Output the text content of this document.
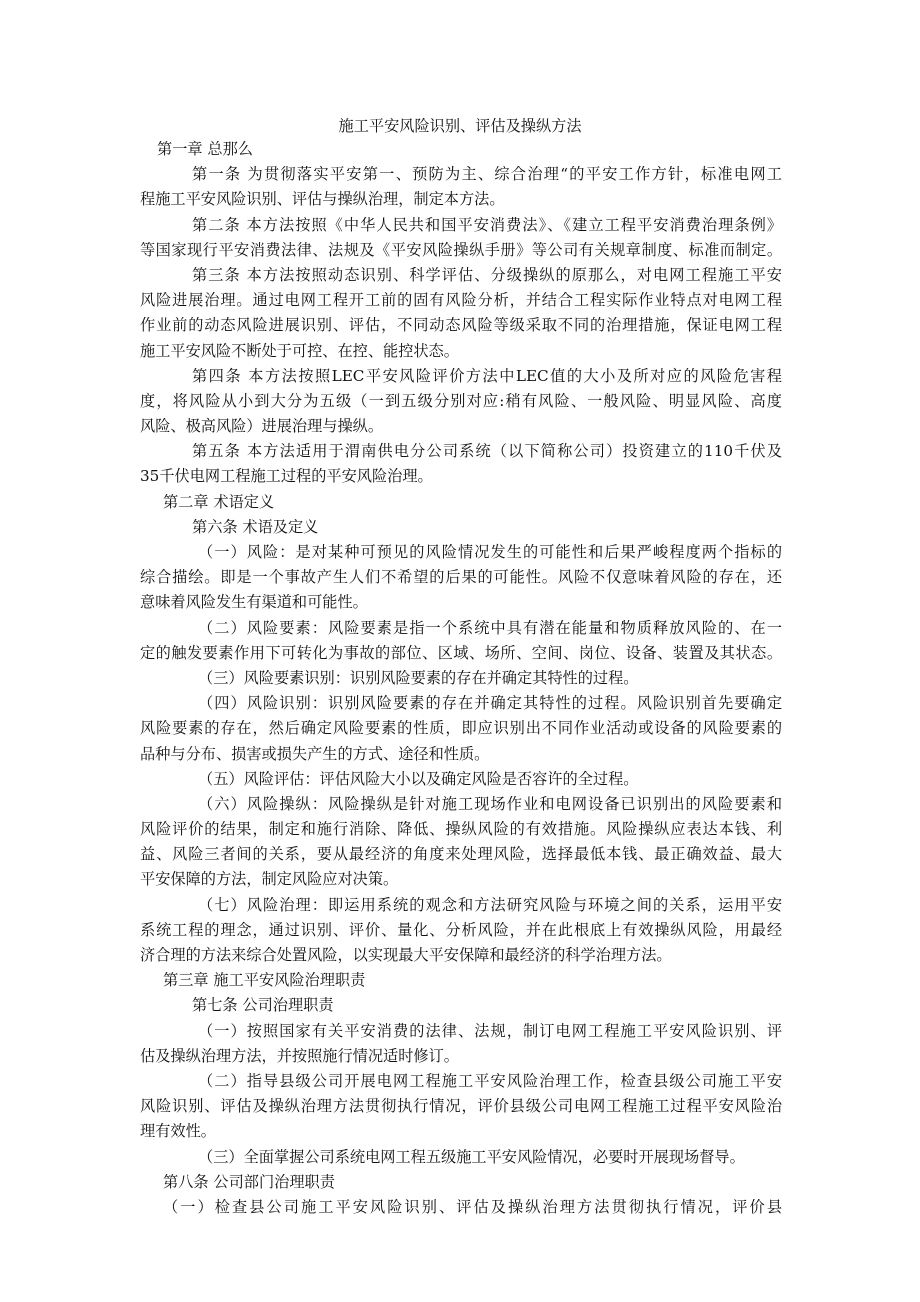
施工平安风险识别、评估及操纵方法
第一章 总那么
第一条 为贯彻落实平安第一、预防为主、综合治理“的平安工作方针，标准电网工
程施工平安风险识别、评估与操纵治理，制定本方法。
第二条 本方法按照《中华人民共和国平安消费法》、《建立工程平安消费治理条例》
等国家现行平安消费法律、法规及《平安风险操纵手册》等公司有关规章制度、标准而制定。
第三条 本方法按照动态识别、科学评估、分级操纵的原那么，对电网工程施工平安
风险进展治理。通过电网工程开工前的固有风险分析，并结合工程实际作业特点对电网工程
作业前的动态风险进展识别、评估，不同动态风险等级采取不同的治理措施，保证电网工程
施工平安风险不断处于可控、在控、能控状态。
第四条 本方法按照LEC平安风险评价方法中LEC值的大小及所对应的风险危害程
度，将风险从小到大分为五级（一到五级分别对应:稍有风险、一般风险、明显风险、高度
风险、极高风险）进展治理与操纵。
第五条 本方法适用于渭南供电分公司系统（以下简称公司）投资建立的110千伏及
35千伏电网工程施工过程的平安风险治理。
第二章 术语定义
第六条 术语及定义
（一）风险：是对某种可预见的风险情况发生的可能性和后果严峻程度两个指标的
综合描绘。即是一个事故产生人们不希望的后果的可能性。风险不仅意味着风险的存在，还
意味着风险发生有渠道和可能性。
（二）风险要素：风险要素是指一个系统中具有潜在能量和物质释放风险的、在一
定的触发要素作用下可转化为事故的部位、区域、场所、空间、岗位、设备、装置及其状态。
（三）风险要素识别：识别风险要素的存在并确定其特性的过程。
（四）风险识别：识别风险要素的存在并确定其特性的过程。风险识别首先要确定
风险要素的存在，然后确定风险要素的性质，即应识别出不同作业活动或设备的风险要素的
品种与分布、损害或损失产生的方式、途径和性质。
（五）风险评估：评估风险大小以及确定风险是否容许的全过程。
（六）风险操纵：风险操纵是针对施工现场作业和电网设备已识别出的风险要素和
风险评价的结果，制定和施行消除、降低、操纵风险的有效措施。风险操纵应表达本钱、利
益、风险三者间的关系，要从最经济的角度来处理风险，选择最低本钱、最正确效益、最大
平安保障的方法，制定风险应对决策。
（七）风险治理：即运用系统的观念和方法研究风险与环境之间的关系，运用平安
系统工程的理念，通过识别、评价、量化、分析风险，并在此根底上有效操纵风险，用最经
济合理的方法来综合处置风险，以实现最大平安保障和最经济的科学治理方法。
第三章 施工平安风险治理职责
第七条 公司治理职责
（一）按照国家有关平安消费的法律、法规，制订电网工程施工平安风险识别、评
估及操纵治理方法，并按照施行情况适时修订。
（二）指导县级公司开展电网工程施工平安风险治理工作，检查县级公司施工平安
风险识别、评估及操纵治理方法贯彻执行情况，评价县级公司电网工程施工过程平安风险治
理有效性。
（三）全面掌握公司系统电网工程五级施工平安风险情况，必要时开展现场督导。
第八条 公司部门治理职责
（一）检查县公司施工平安风险识别、评估及操纵治理方法贯彻执行情况，评价县
